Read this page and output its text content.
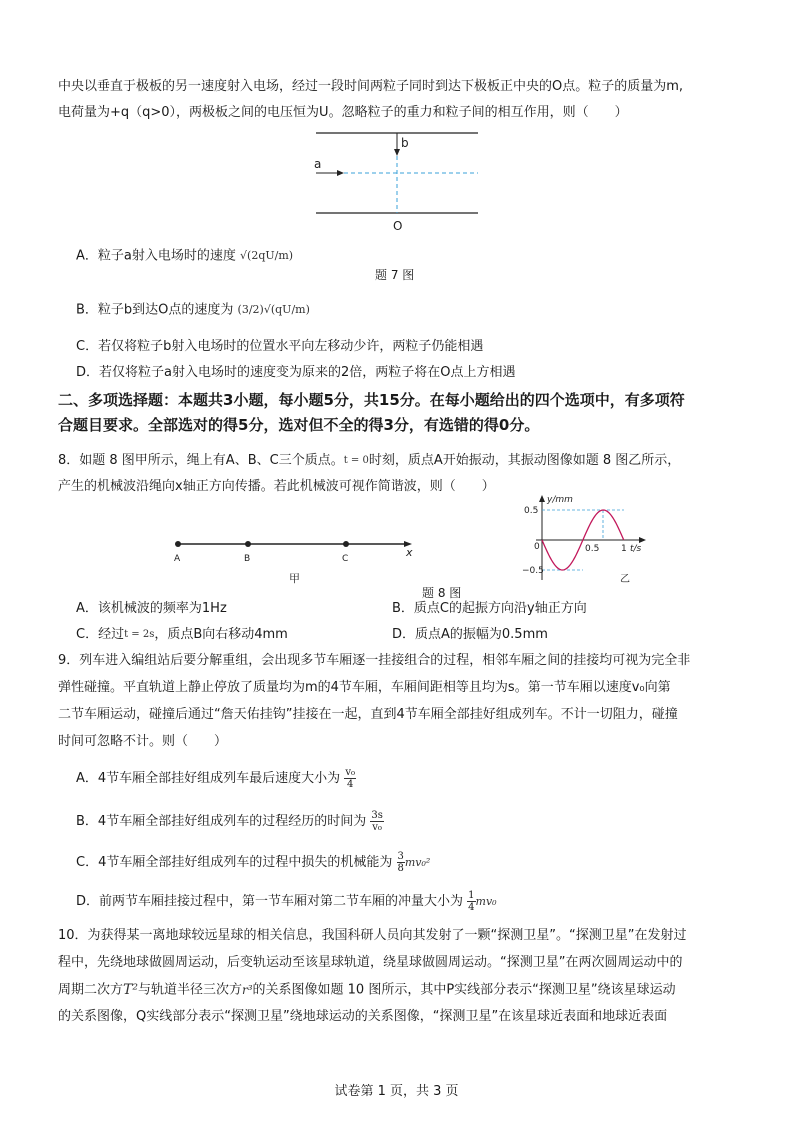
中央以垂直于极板的另一速度射入电场，经过一段时间两粒子同时到达下极板正中央的O点。粒子的质量为m,
电荷量为+q（q>0），两极板之间的电压恒为U。忽略粒子的重力和粒子间的相互作用，则（　　）
a
b
O
A．粒子a射入电场时的速度 √(2qU/m)
题 7 图
B．粒子b到达O点的速度为 (3/2)√(qU/m)
C．若仅将粒子b射入电场时的位置水平向左移动少许，两粒子仍能相遇
D．若仅将粒子a射入电场时的速度变为原来的2倍，两粒子将在O点上方相遇
二、多项选择题：本题共3小题，每小题5分，共15分。在每小题给出的四个选项中，有多项符
合题目要求。全部选对的得5分，选对但不全的得3分，有选错的得0分。
8．如题 8 图甲所示，绳上有A、B、C三个质点。t = 0时刻，质点A开始振动，其振动图像如题 8 图乙所示，
产生的机械波沿绳向x轴正方向传播。若此机械波可视作简谐波，则（　　）
A	B	C	x
甲
y/mm
0.5
−0.5
0	0.5 1 t/s
乙
题 8 图
A．该机械波的频率为1Hz	B．质点C的起振方向沿y轴正方向
C．经过t = 2s，质点B向右移动4mm	D．质点A的振幅为0.5mm
9．列车进入编组站后要分解重组，会出现多节车厢逐一挂接组合的过程，相邻车厢之间的挂接均可视为完全非
弹性碰撞。平直轨道上静止停放了质量均为m的4节车厢，车厢间距相等且均为s。第一节车厢以速度v₀向第
二节车厢运动，碰撞后通过“詹天佑挂钩”挂接在一起，直到4节车厢全部挂好组成列车。不计一切阻力，碰撞
时间可忽略不计。则（　　）
A．4节车厢全部挂好组成列车最后速度大小为 $\frac{\text{v₀}}{4}$
B．4节车厢全部挂好组成列车的过程经历的时间为 $\frac{3s}{\text{v₀}}$
C．4节车厢全部挂好组成列车的过程中损失的机械能为 $\frac{3}{8} mv_0^2$
D．前两节车厢挂接过程中，第一节车厢对第二节车厢的冲量大小为 $\frac{1}{4} mv_0$
10．为获得某一离地球较远星球的相关信息，我国科研人员向其发射了一颗“探测卫星”。“探测卫星”在发射过
程中，先绕地球做圆周运动，后变轨运动至该星球轨道，绕星球做圆周运动。“探测卫星”在两次圆周运动中的
周期二次方T²与轨道半径三次方r³的关系图像如题 10 图所示，其中P实线部分表示“探测卫星”绕该星球运动
的关系图像，Q实线部分表示“探测卫星”绕地球运动的关系图像，“探测卫星”在该星球近表面和地球近表面
试卷第 1 页，共 3 页
